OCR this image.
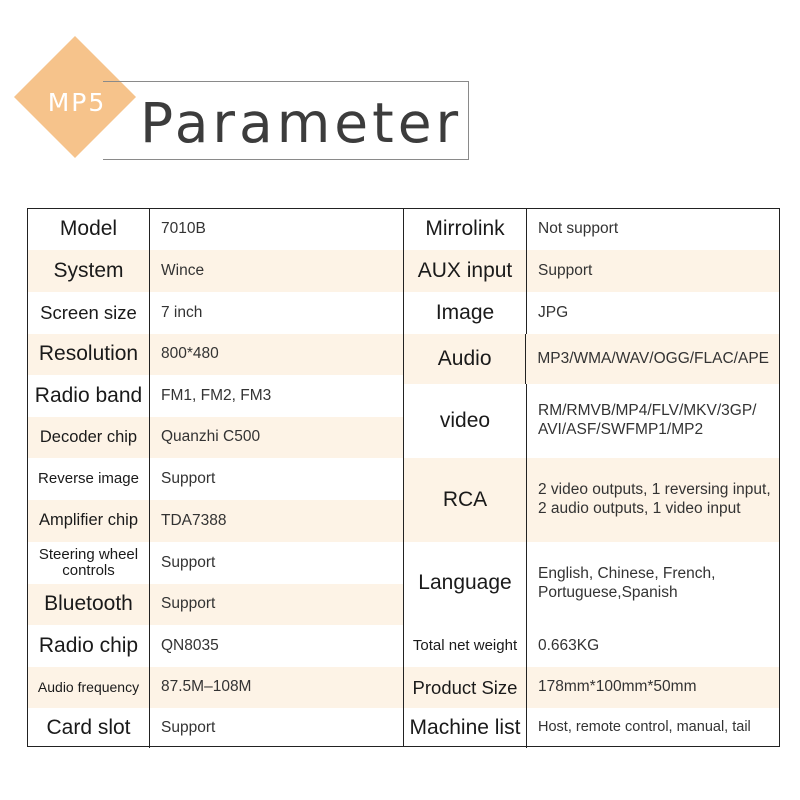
MP5 Parameter
Model	7010B
System	Wince
Screen size	7 inch
Resolution	800*480
Radio band	FM1, FM2, FM3
Decoder chip	Quanzhi C500
Reverse image	Support
Amplifier chip	TDA7388
Steering wheel controls	Support
Bluetooth	Support
Radio chip	QN8035
Audio frequency	87.5M–108M
Card slot	Support
Mirrolink	Not support
AUX input	Support
Image	JPG
Audio	MP3/WMA/WAV/OGG/FLAC/APE
video	RM/RMVB/MP4/FLV/MKV/3GP/AVI/ASF/SWFMP1/MP2
RCA	2 video outputs, 1 reversing input, 2 audio outputs, 1 video input
Language	English, Chinese, French, Portuguese,Spanish
Total net weight	0.663KG
Product Size	178mm*100mm*50mm
Machine list	Host, remote control, manual, tail
